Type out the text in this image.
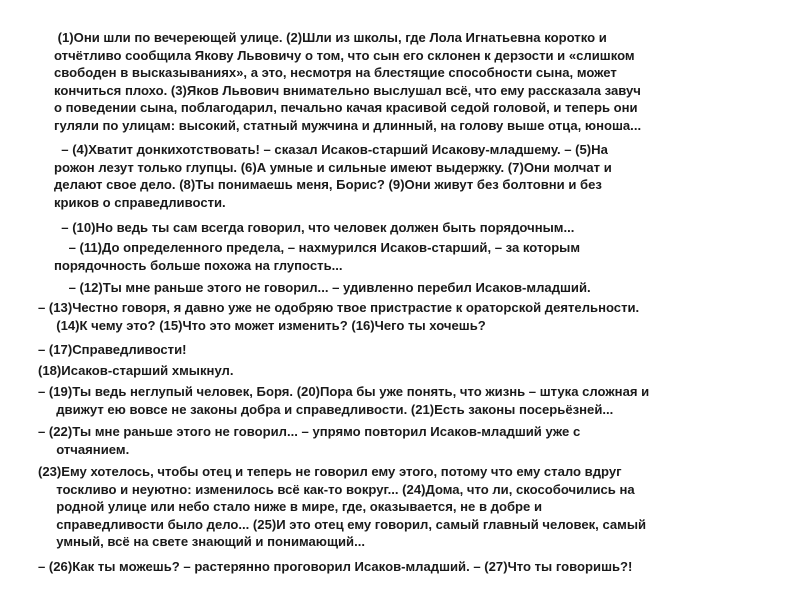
(1)Они шли по вечереющей улице. (2)Шли из школы, где Лола Игнатьевна коротко и
отчётливо сообщила Якову Львовичу о том, что сын его склонен к дерзости и «слишком
свободен в высказываниях», а это, несмотря на блестящие способности сына, может
кончиться плохо. (3)Яков Львович внимательно выслушал всё, что ему рассказала завуч
о поведении сына, поблагодарил, печально качая красивой седой головой, и теперь они
гуляли по улицам: высокий, статный мужчина и длинный, на голову выше отца, юноша...

– (4)Хватит донкихотствовать! – сказал Исаков-старший Исакову-младшему. – (5)На
рожон лезут только глупцы. (6)А умные и сильные имеют выдержку. (7)Они молчат и
делают свое дело. (8)Ты понимаешь меня, Борис? (9)Они живут без болтовни и без
криков о справедливости.

– (10)Но ведь ты сам всегда говорил, что человек должен быть порядочным...

– (11)До определенного предела, – нахмурился Исаков-старший, – за которым
порядочность больше похожа на глупость...

– (12)Ты мне раньше этого не говорил... – удивленно перебил Исаков-младший.

– (13)Честно говоря, я давно уже не одобряю твое пристрастие к ораторской деятельности.
(14)К чему это? (15)Что это может изменить? (16)Чего ты хочешь?

– (17)Справедливости!

(18)Исаков-старший хмыкнул.

– (19)Ты ведь неглупый человек, Боря. (20)Пора бы уже понять, что жизнь – штука сложная и
движут ею вовсе не законы добра и справедливости. (21)Есть законы посерьёзней...

– (22)Ты мне раньше этого не говорил... – упрямо повторил Исаков-младший уже с
отчаянием.

(23)Ему хотелось, чтобы отец и теперь не говорил ему этого, потому что ему стало вдруг
тоскливо и неуютно: изменилось всё как-то вокруг... (24)Дома, что ли, скособочились на
родной улице или небо стало ниже в мире, где, оказывается, не в добре и
справедливости было дело... (25)И это отец ему говорил, самый главный человек, самый
умный, всё на свете знающий и понимающий...

– (26)Как ты можешь? – растерянно проговорил Исаков-младший. – (27)Что ты говоришь?!
